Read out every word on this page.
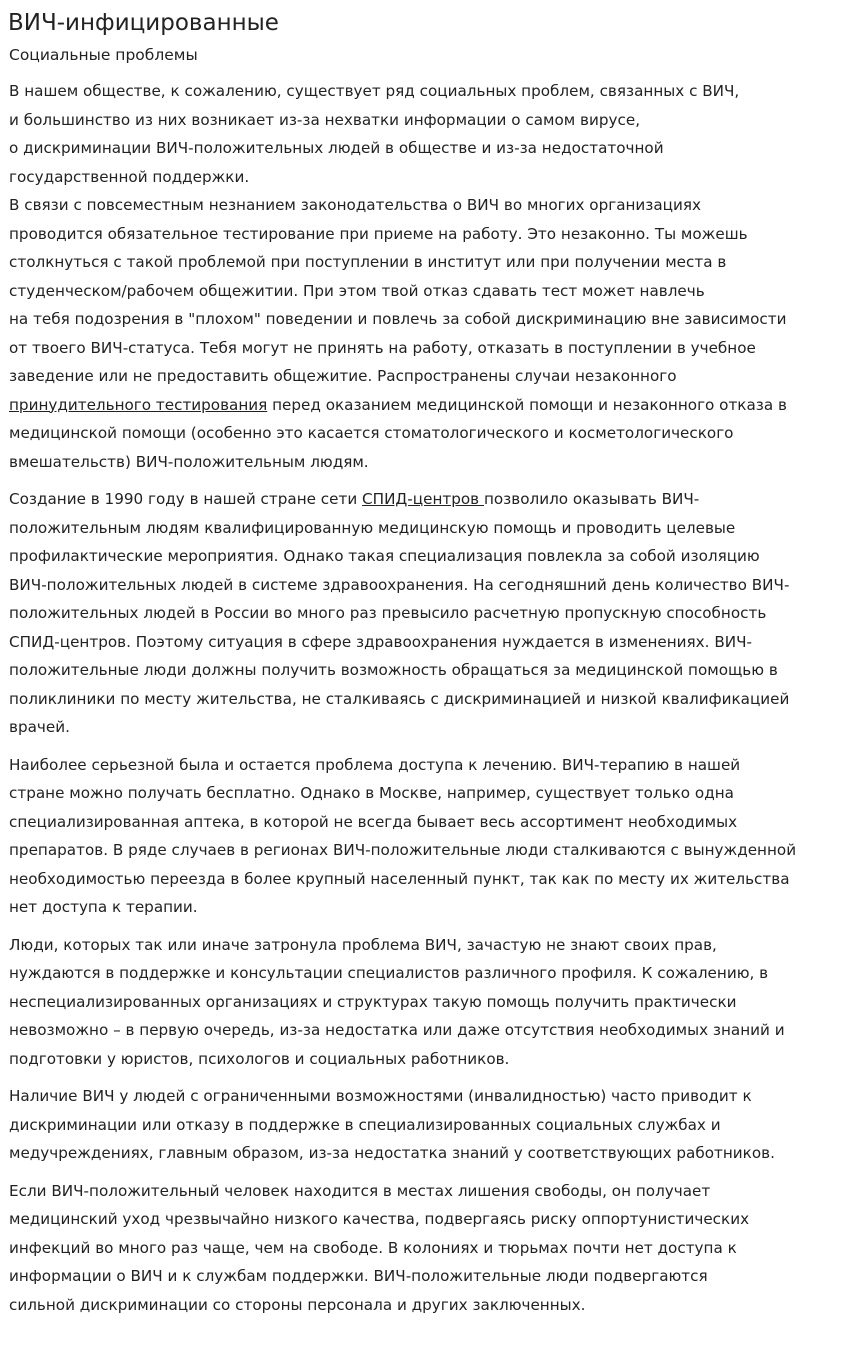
ВИЧ-инфицированные
Социальные проблемы

В нашем обществе, к сожалению, существует ряд социальных проблем, связанных с ВИЧ,
и большинство из них возникает из-за нехватки информации о самом вирусе,
о дискриминации ВИЧ-положительных людей в обществе и из-за недостаточной
государственной поддержки.
В связи с повсеместным незнанием законодательства о ВИЧ во многих организациях
проводится обязательное тестирование при приеме на работу. Это незаконно. Ты можешь
столкнуться с такой проблемой при поступлении в институт или при получении места в
студенческом/рабочем общежитии. При этом твой отказ сдавать тест может навлечь
на тебя подозрения в "плохом" поведении и повлечь за собой дискриминацию вне зависимости
от твоего ВИЧ-статуса. Тебя могут не принять на работу, отказать в поступлении в учебное
заведение или не предоставить общежитие. Распространены случаи незаконного
принудительного тестирования перед оказанием медицинской помощи и незаконного отказа в
медицинской помощи (особенно это касается стоматологического и косметологического
вмешательств) ВИЧ-положительным людям.

Создание в 1990 году в нашей стране сети СПИД-центров позволило оказывать ВИЧ-
положительным людям квалифицированную медицинскую помощь и проводить целевые
профилактические мероприятия. Однако такая специализация повлекла за собой изоляцию
ВИЧ-положительных людей в системе здравоохранения. На сегодняшний день количество ВИЧ-
положительных людей в России во много раз превысило расчетную пропускную способность
СПИД-центров. Поэтому ситуация в сфере здравоохранения нуждается в изменениях. ВИЧ-
положительные люди должны получить возможность обращаться за медицинской помощью в
поликлиники по месту жительства, не сталкиваясь с дискриминацией и низкой квалификацией
врачей.

Наиболее серьезной была и остается проблема доступа к лечению. ВИЧ-терапию в нашей
стране можно получать бесплатно. Однако в Москве, например, существует только одна
специализированная аптека, в которой не всегда бывает весь ассортимент необходимых
препаратов. В ряде случаев в регионах ВИЧ-положительные люди сталкиваются с вынужденной
необходимостью переезда в более крупный населенный пункт, так как по месту их жительства
нет доступа к терапии.

Люди, которых так или иначе затронула проблема ВИЧ, зачастую не знают своих прав,
нуждаются в поддержке и консультации специалистов различного профиля. К сожалению, в
неспециализированных организациях и структурах такую помощь получить практически
невозможно – в первую очередь, из-за недостатка или даже отсутствия необходимых знаний и
подготовки у юристов, психологов и социальных работников.

Наличие ВИЧ у людей с ограниченными возможностями (инвалидностью) часто приводит к
дискриминации или отказу в поддержке в специализированных социальных службах и
медучреждениях, главным образом, из-за недостатка знаний у соответствующих работников.

Если ВИЧ-положительный человек находится в местах лишения свободы, он получает
медицинский уход чрезвычайно низкого качества, подвергаясь риску оппортунистических
инфекций во много раз чаще, чем на свободе. В колониях и тюрьмах почти нет доступа к
информации о ВИЧ и к службам поддержки. ВИЧ-положительные люди подвергаются
сильной дискриминации со стороны персонала и других заключенных.
